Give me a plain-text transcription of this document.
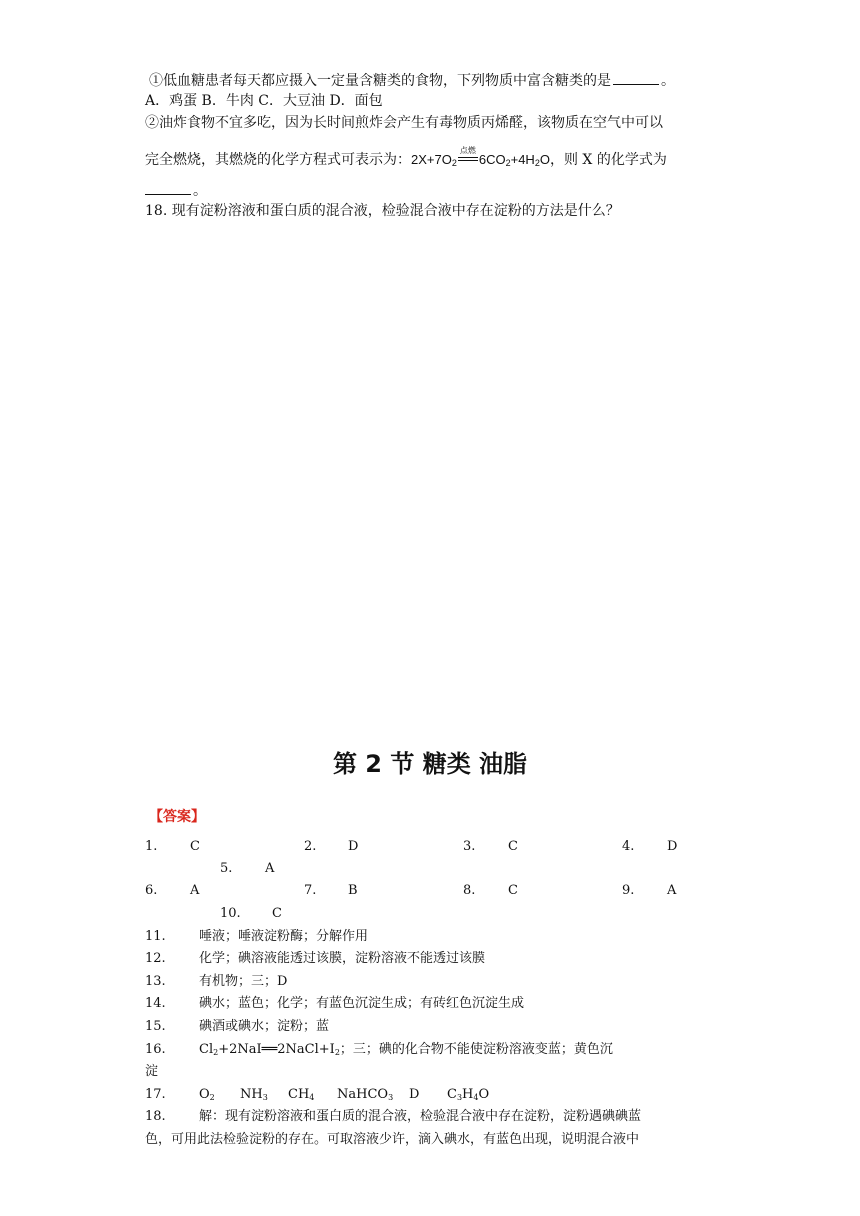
①低血糖患者每天都应摄入一定量含糖类的食物，下列物质中富含糖类的是	。
A．鸡蛋 B．牛肉 C．大豆油 D．面包
②油炸食物不宜多吃，因为长时间煎炸会产生有毒物质丙烯醛，该物质在空气中可以
完全燃烧，其燃烧的化学方程式可表示为：2X+7O2
点燃
6CO2+4H2O，则 X 的化学式为
。
18. 现有淀粉溶液和蛋白质的混合液，检验混合液中存在淀粉的方法是什么？
第 2 节 糖类 油脂
【答案】
1.	C	2. D	3.	C	4.	D
5.	A
6.	A	7. B	8.	C	9.	A
10. C
11.	唾液；唾液淀粉酶；分解作用
12.	化学；碘溶液能透过该膜，淀粉溶液不能透过该膜
13.	有机物；三；D
14.	碘水；蓝色；化学；有蓝色沉淀生成；有砖红色沉淀生成
15.	碘酒或碘水；淀粉；蓝
16.	$Cl_2+2NaI══2NaCl+I_2$；三；碘的化合物不能使淀粉溶液变蓝；黄色沉
淀
17.	$O_2$ $NH_3$ $CH_4$ NaHCO$_3$ D $C_3H_4O$
18.	解：现有淀粉溶液和蛋白质的混合液，检验混合液中存在淀粉，淀粉遇碘碘蓝
色，可用此法检验淀粉的存在。可取溶液少许，滴入碘水，有蓝色出现，说明混合液中
